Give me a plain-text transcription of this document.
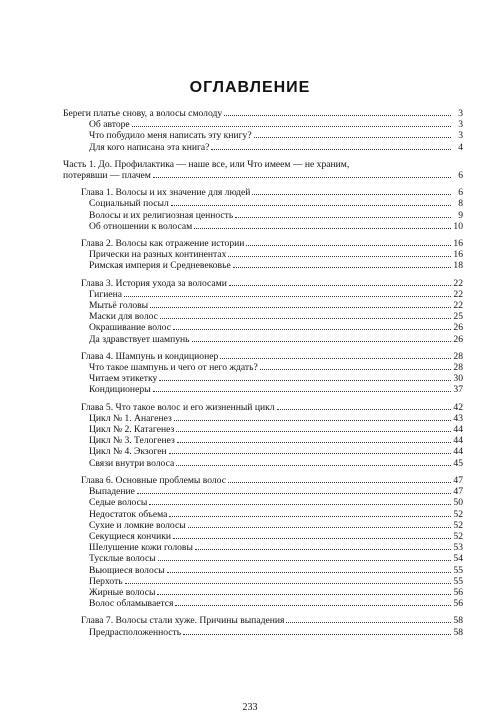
ОГЛАВЛЕНИЕ
Береги платье снову, а волосы смолоду	3
Об авторе	3
Что побудило меня написать эту книгу?	3
Для кого написана эта книга?	4
Часть 1. До. Профилактика — наше все, или Что имеем — не храним,
потерявши — плачем	6
Глава 1. Волосы и их значение для людей	6
Социальный посыл	8
Волосы и их религиозная ценность	9
Об отношении к волосам	10
Глава 2. Волосы как отражение истории	16
Прически на разных континентах	16
Римская империя и Средневековье	18
Глава 3. История ухода за волосами	22
Гигиена	22
Мытьё головы	22
Маски для волос	25
Окрашивание волос	26
Да здравствует шампунь	26
Глава 4. Шампунь и кондиционер	28
Что такое шампунь и чего от него ждать?	28
Читаем этикетку	30
Кондиционеры	37
Глава 5. Что такое волос и его жизненный цикл	42
Цикл № 1. Анагенез	43
Цикл № 2. Катагенез	44
Цикл № 3. Телогенез	44
Цикл № 4. Экзоген	44
Связи внутри волоса	45
Глава 6. Основные проблемы волос	47
Выпадение	47
Седые волосы	50
Недостаток объема	52
Сухие и ломкие волосы	52
Секущиеся кончики	52
Шелушение кожи головы	53
Тусклые волосы	54
Вьющиеся волосы	55
Перхоть	55
Жирные волосы	56
Волос обламывается	56
Глава 7. Волосы стали хуже. Причины выпадения	58
Предрасположенность	58
233
